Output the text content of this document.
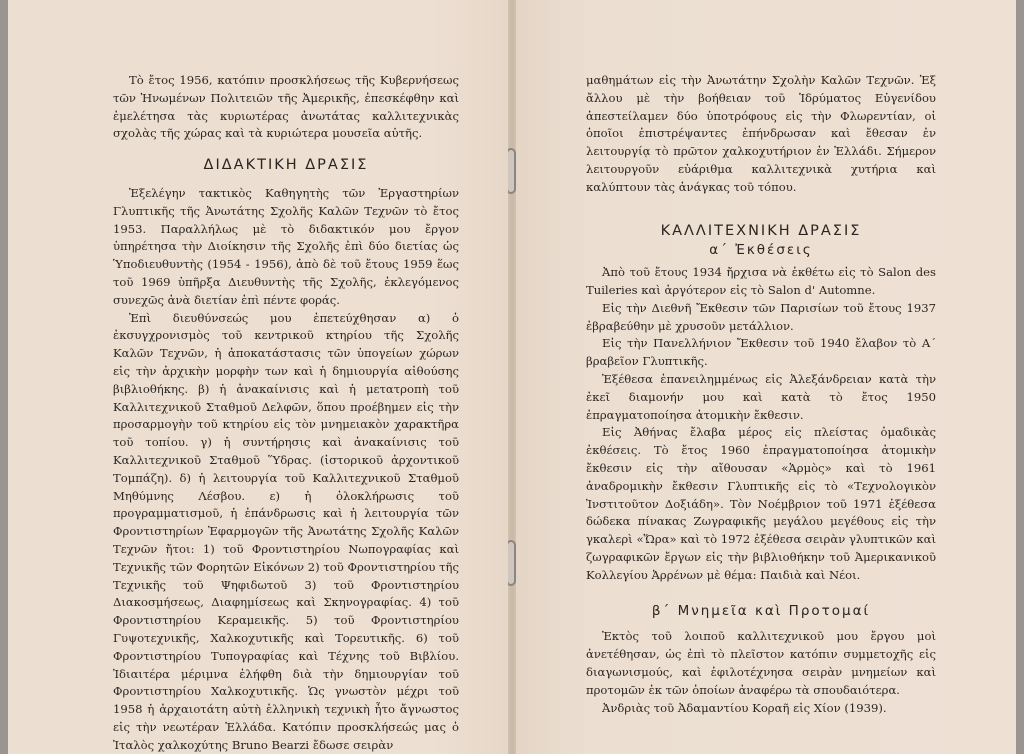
Τὸ ἔτος 1956, κατόπιν προσκλήσεως τῆς Κυβερνήσεως τῶν Ἡνωμένων Πολιτειῶν τῆς Ἀμερικῆς, ἐπεσκέφθην καὶ ἐμελέτησα τὰς κυριωτέρας ἀνωτάτας καλλιτεχνικὰς σχολὰς τῆς χώρας καὶ τὰ κυριώτερα μουσεῖα αὐτῆς.

ΔΙΔΑΚΤΙΚΗ ΔΡΑΣΙΣ

Ἐξελέγην τακτικὸς Καθηγητὴς τῶν Ἐργαστηρίων Γλυπτικῆς τῆς Ἀνωτάτης Σχολῆς Καλῶν Τεχνῶν τὸ ἔτος 1953. Παραλλήλως μὲ τὸ διδακτικόν μου ἔργον ὑπηρέτησα τὴν Διοίκησιν τῆς Σχολῆς ἐπὶ δύο διετίας ὡς Ὑποδιευθυντὴς (1954 - 1956), ἀπὸ δὲ τοῦ ἔτους 1959 ἕως τοῦ 1969 ὑπῆρξα Διευθυντὴς τῆς Σχολῆς, ἐκλεγόμενος συνεχῶς ἀνὰ διετίαν ἐπὶ πέντε φοράς.

Ἐπὶ διευθύνσεώς μου ἐπετεύχθησαν α) ὁ ἐκσυγχρονισμὸς τοῦ κεντρικοῦ κτηρίου τῆς Σχολῆς Καλῶν Τεχνῶν, ἡ ἀποκατάστασις τῶν ὑπογείων χώρων εἰς τὴν ἀρχικὴν μορφὴν των καὶ ἡ δημιουργία αἰθούσης βιβλιοθήκης. β) ἡ ἀνακαίνισις καὶ ἡ μετατροπὴ τοῦ Καλλιτεχνικοῦ Σταθμοῦ Δελφῶν, ὅπου προέβημεν εἰς τὴν προσαρμογὴν τοῦ κτηρίου εἰς τὸν μνημειακὸν χαρακτῆρα τοῦ τοπίου. γ) ἡ συντήρησις καὶ ἀνακαίνισις τοῦ Καλλιτεχνικοῦ Σταθμοῦ Ὕδρας. (ἱστορικοῦ ἀρχοντικοῦ Τομπάζη). δ) ἡ λειτουργία τοῦ Καλλιτεχνικοῦ Σταθμοῦ Μηθύμνης Λέσβου. ε) ἡ ὁλοκλήρωσις τοῦ προγραμματισμοῦ, ἡ ἐπάνδρωσις καὶ ἡ λειτουργία τῶν Φροντιστηρίων Ἐφαρμογῶν τῆς Ἀνωτάτης Σχολῆς Καλῶν Τεχνῶν ἤτοι: 1) τοῦ Φροντιστηρίου Νωπογραφίας καὶ Τεχνικῆς τῶν Φορητῶν Εἰκόνων 2) τοῦ Φροντιστηρίου τῆς Τεχνικῆς τοῦ Ψηφιδωτοῦ 3) τοῦ Φροντιστηρίου Διακοσμήσεως, Διαφημίσεως καὶ Σκηνογραφίας. 4) τοῦ Φροντιστηρίου Κεραμεικῆς. 5) τοῦ Φροντιστηρίου Γυψοτεχνικῆς, Χαλκοχυτικῆς καὶ Τορευτικῆς. 6) τοῦ Φροντιστηρίου Τυπογραφίας καὶ Τέχνης τοῦ Βιβλίου. Ἰδιαιτέρα μέριμνα ἐλήφθη διὰ τὴν δημιουργίαν τοῦ Φροντιστηρίου Χαλκοχυτικῆς. Ὡς γνωστὸν μέχρι τοῦ 1958 ἡ ἀρχαιοτάτη αὐτὴ ἑλληνικὴ τεχνικὴ ἦτο ἄγνωστος εἰς τὴν νεωτέραν Ἑλλάδα. Κατόπιν προσκλήσεώς μας ὁ Ἰταλὸς χαλκοχύτης Bruno Bearzi ἔδωσε σειρὰν

μαθημάτων εἰς τὴν Ἀνωτάτην Σχολὴν Καλῶν Τεχνῶν. Ἐξ ἄλλου μὲ τὴν βοήθειαν τοῦ Ἱδρύματος Εὐγενίδου ἀπεστείλαμεν δύο ὑποτρόφους εἰς τὴν Φλωρεντίαν, οἱ ὁποῖοι ἐπιστρέψαντες ἐπήνδρωσαν καὶ ἔθεσαν ἐν λειτουργίᾳ τὸ πρῶτον χαλκοχυτήριον ἐν Ἑλλάδι. Σήμερον λειτουργοῦν εὐάριθμα καλλιτεχνικὰ χυτήρια καὶ καλύπτουν τὰς ἀνάγκας τοῦ τόπου.

ΚΑΛΛΙΤΕΧΝΙΚΗ ΔΡΑΣΙΣ
α΄ Ἐκθέσεις

Ἀπὸ τοῦ ἔτους 1934 ἤρχισα νὰ ἐκθέτω εἰς τὸ Salon des Tuileries καὶ ἀργότερον εἰς τὸ Salon d' Automne.

Εἰς τὴν Διεθνῆ Ἔκθεσιν τῶν Παρισίων τοῦ ἔτους 1937 ἐβραβεύθην μὲ χρυσοῦν μετάλλιον.

Εἰς τὴν Πανελλήνιον Ἔκθεσιν τοῦ 1940 ἔλαβον τὸ Α΄ βραβεῖον Γλυπτικῆς.

Ἐξέθεσα ἐπανειλημμένως εἰς Ἀλεξάνδρειαν κατὰ τὴν ἐκεῖ διαμονήν μου καὶ κατὰ τὸ ἔτος 1950 ἐπραγματοποίησα ἀτομικὴν ἔκθεσιν.

Εἰς Ἀθήνας ἔλαβα μέρος εἰς πλείστας ὁμαδικὰς ἐκθέσεις. Τὸ ἔτος 1960 ἐπραγματοποίησα ἀτομικὴν ἔκθεσιν εἰς τὴν αἴθουσαν «Ἁρμὸς» καὶ τὸ 1961 ἀναδρομικὴν ἔκθεσιν Γλυπτικῆς εἰς τὸ «Τεχνολογικὸν Ἰνστιτοῦτον Δοξιάδη». Τὸν Νοέμβριον τοῦ 1971 ἐξέθεσα δώδεκα πίνακας Ζωγραφικῆς μεγάλου μεγέθους εἰς τὴν γκαλερὶ «Ὥρα» καὶ τὸ 1972 ἐξέθεσα σειρὰν γλυπτικῶν καὶ ζωγραφικῶν ἔργων εἰς τὴν βιβλιοθήκην τοῦ Ἀμερικανικοῦ Κολλεγίου Ἀρρένων μὲ θέμα: Παιδιὰ καὶ Νέοι.

β΄ Μνημεῖα καὶ Προτομαί

Ἐκτὸς τοῦ λοιποῦ καλλιτεχνικοῦ μου ἔργου μοὶ ἀνετέθησαν, ὡς ἐπὶ τὸ πλεῖστον κατόπιν συμμετοχῆς εἰς διαγωνισμούς, καὶ ἐφιλοτέχνησα σειρὰν μνημείων καὶ προτομῶν ἐκ τῶν ὁποίων ἀναφέρω τὰ σπουδαιότερα.

Ἀνδριὰς τοῦ Ἀδαμαντίου Κοραῆ εἰς Χίον (1939).
